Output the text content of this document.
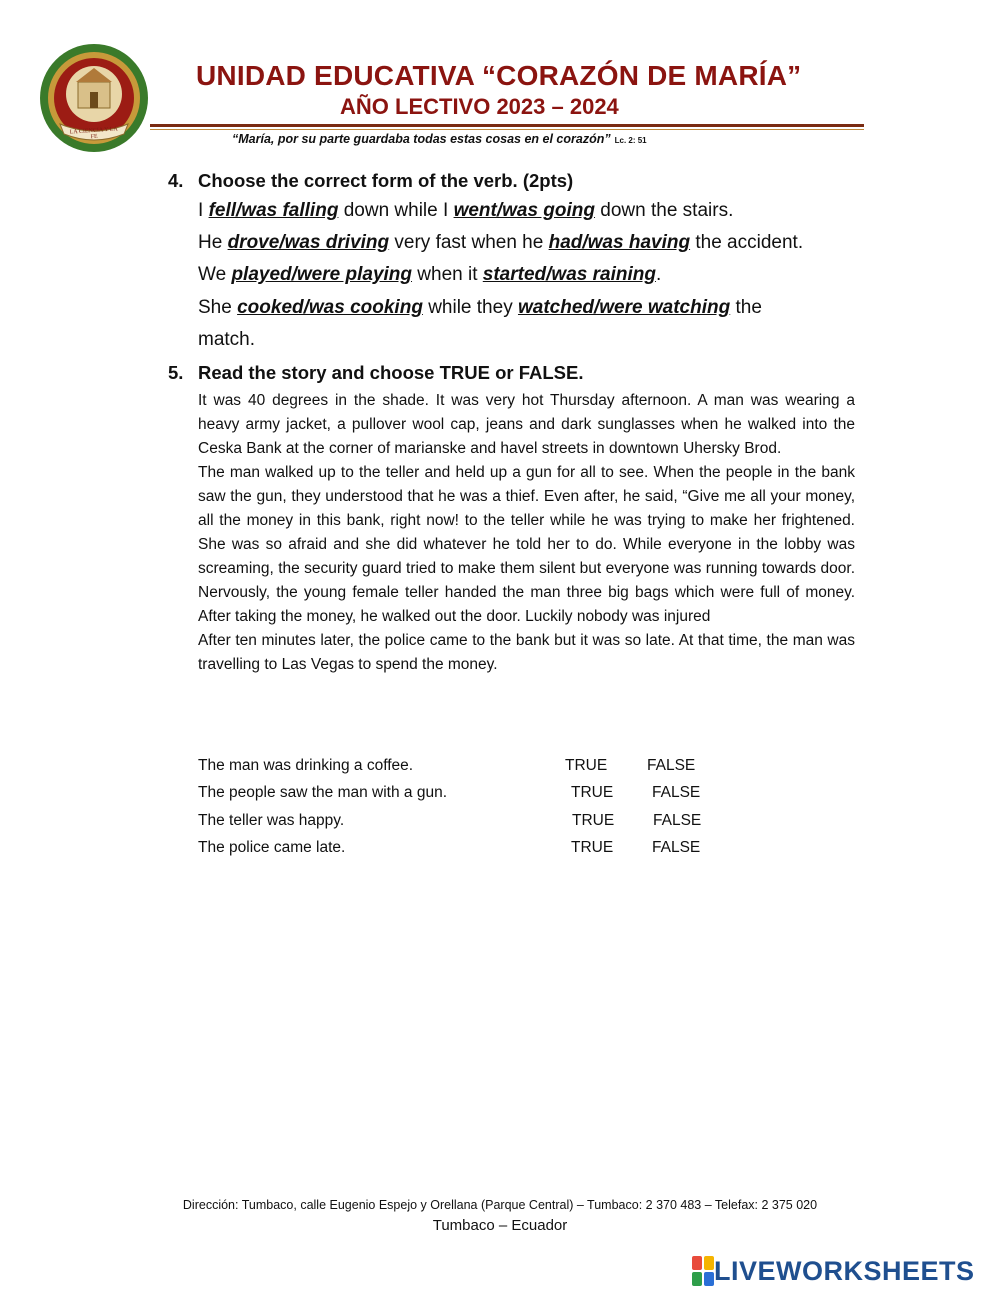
LA CIENCIA Y LA FE
UNIDAD EDUCATIVA “CORAZÓN DE MARÍA”
AÑO LECTIVO 2023 – 2024
“María, por su parte guardaba todas estas cosas en el corazón” Lc. 2: 51
4. Choose the correct form of the verb. (2pts)
I fell/was falling down while I went/was going down the stairs.
He drove/was driving very fast when he had/was having the accident.
We played/were playing when it started/was raining.
She cooked/was cooking while they watched/were watching the
match.
5. Read the story and choose TRUE or FALSE.

It was 40 degrees in the shade. It was very hot Thursday afternoon. A man was wearing a heavy army jacket, a pullover wool cap, jeans and dark sunglasses when he walked into the Ceska Bank at the corner of marianske and havel streets in downtown Uhersky Brod.

The man walked up to the teller and held up a gun for all to see. When the people in the bank saw the gun, they understood that he was a thief. Even after, he said, “Give me all your money, all the money in this bank, right now! to the teller while he was trying to make her frightened. She was so afraid and she did whatever he told her to do. While everyone in the lobby was screaming, the security guard tried to make them silent but everyone was running towards door. Nervously, the young female teller handed the man three big bags which were full of money. After taking the money, he walked out the door. Luckily nobody was injured

After ten minutes later, the police came to the bank but it was so late. At that time, the man was travelling to Las Vegas to spend the money.

The man was drinking a coffee.	TRUE	FALSE
The people saw the man with a gun.	TRUE	FALSE
The teller was happy.	TRUE	FALSE
The police came late.	TRUE	FALSE
Dirección: Tumbaco, calle Eugenio Espejo y Orellana (Parque Central) – Tumbaco: 2 370 483 – Telefax: 2 375 020
Tumbaco – Ecuador
LIVEWORKSHEETS
